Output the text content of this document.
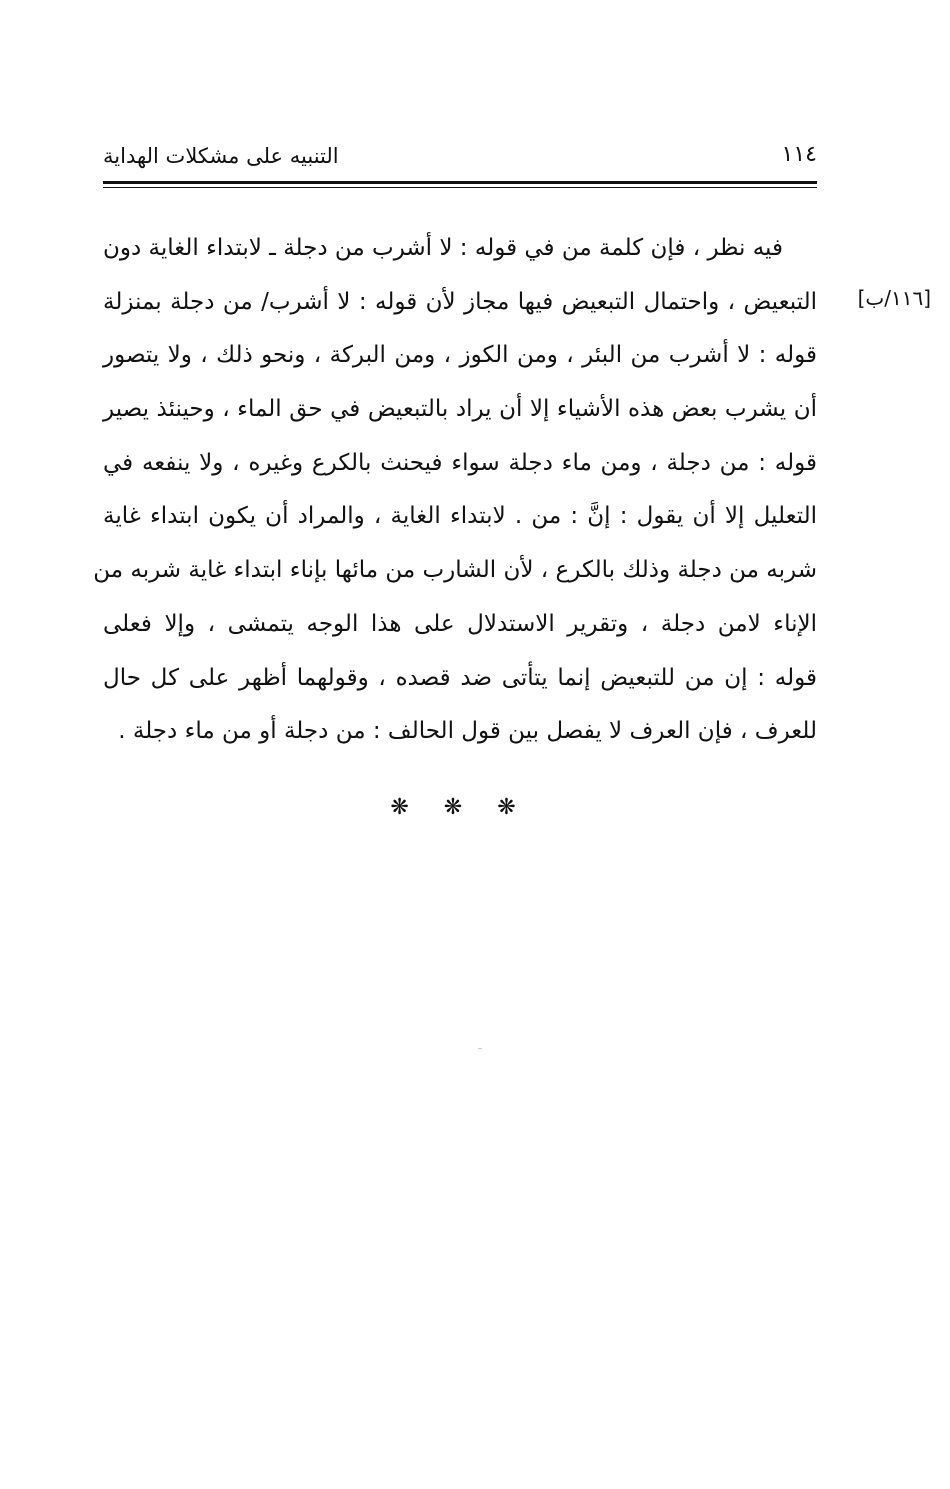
التنبيه على مشكلات الهداية	١١٤
[١١٦/ب]
فيه نظر ، فإن كلمة من في قوله : لا أشرب من دجلة ـ لابتداء الغاية دون
التبعيض ، واحتمال التبعيض فيها مجاز لأن قوله : لا أشرب/ من دجلة بمنزلة
قوله : لا أشرب من البئر ، ومن الكوز ، ومن البركة ، ونحو ذلك ، ولا يتصور
أن يشرب بعض هذه الأشياء إلا أن يراد بالتبعيض في حق الماء ، وحينئذ يصير
قوله : من دجلة ، ومن ماء دجلة سواء فيحنث بالكرع وغيره ، ولا ينفعه في
التعليل إلا أن يقول : إنَّ : من . لابتداء الغاية ، والمراد أن يكون ابتداء غاية
شربه من دجلة وذلك بالكرع ، لأن الشارب من مائها بإناء ابتداء غاية شربه من
الإناء لامن دجلة ، وتقرير الاستدلال على هذا الوجه يتمشى ، وإلا فعلى
قوله : إن من للتبعيض إنما يتأتى ضد قصده ، وقولهما أظهر على كل حال
للعرف ، فإن العرف لا يفصل بين قول الحالف : من دجلة أو من ماء دجلة .
❋ ❋ ❋
